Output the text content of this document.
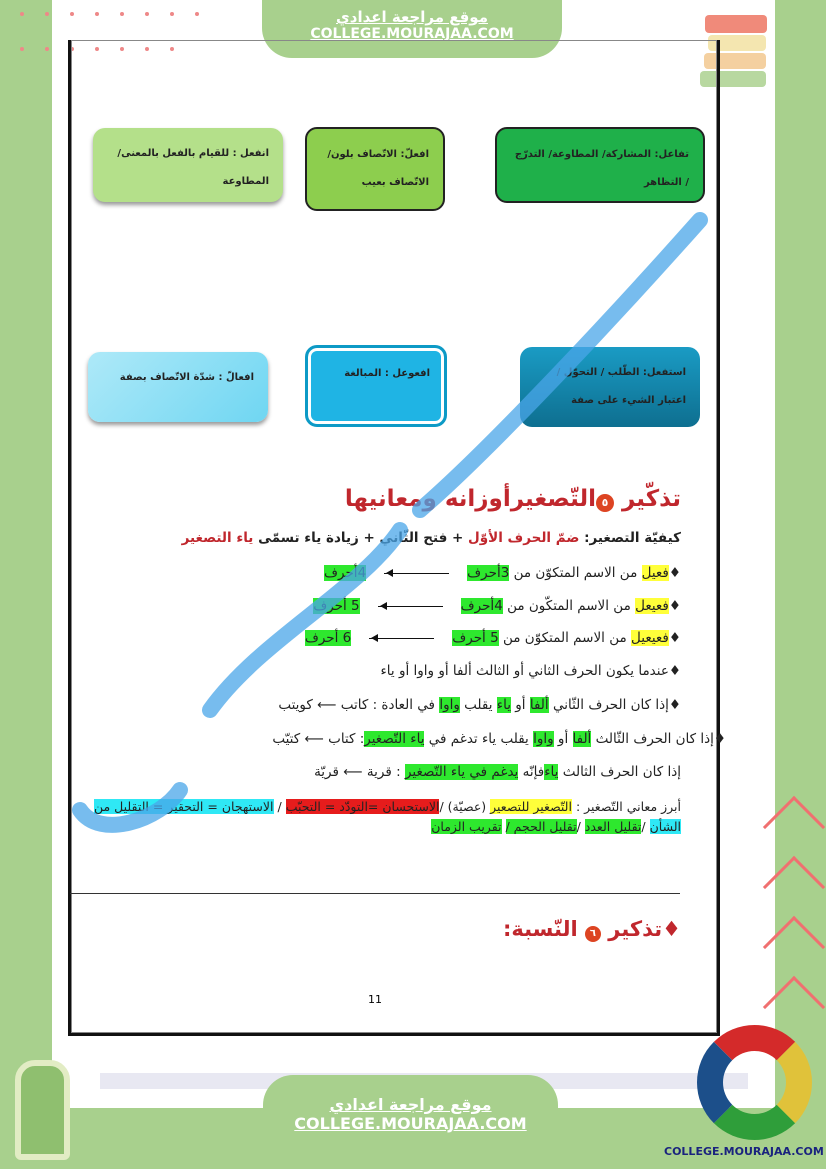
موقع مراجعة اعدادي
COLLEGE.MOURAJAA.COM
تفاعل: المشاركة/ المطاوعة/ التدرّج / التظاهر
افعلّ: الاتّصاف بلون/ الاتّصاف بعيب
انفعل : للقيام بالفعل بالمعنى/ المطاوعة
استفعل: الطّلب / التحوّل / اعتبار الشيء على صفة
افعوعل : المبالغة
افعالّ : شدّة الاتّصاف بصفة
تذكّير ٥التّصغيرأوزانه ومعانيها
كيفيّة التصغير: ضمّ الحرف الأوّل + فتح الثّاني + زيادة ياء تسمّى ياء التصغير
♦فعيل من الاسم المتكوّن من 3أحرف4أحرف
♦فعيعل من الاسم المتكّون من 4أحرف5 أحرف
♦فعيعيل من الاسم المتكوّن من 5 أحرف6 أحرف
♦عندما يكون الحرف الثاني أو الثالث ألفا أو واوا أو ياء
♦إذا كان الحرف الثّاني ألفا أو ياء يقلب واوا في العادة : كاتب ⟵ كويتب
♦إذا كان الحرف الثّالث ألفا أو واوا يقلب ياء تدغم في ياء التّصغير: كتاب ⟵ كتيّب
إذا كان الحرف الثالث ياءفإنّه يدغم في ياء التّصغير : قرية ⟵ قريّة
أبرز معاني التّصغير : التّصغير للتصعير (عصيّة) /الاستحسان =التودّد = التحبّب / الاستهجان = التحقير = التقليل من الشأن /تقليل العدد /تقليل الحجم / تقريب الزمان
♦تذكير ٦ النّسبة:
11
COLLEGE.MOURAJAA.COM
موقع مراجعة اعدادي
COLLEGE.MOURAJAA.COM
